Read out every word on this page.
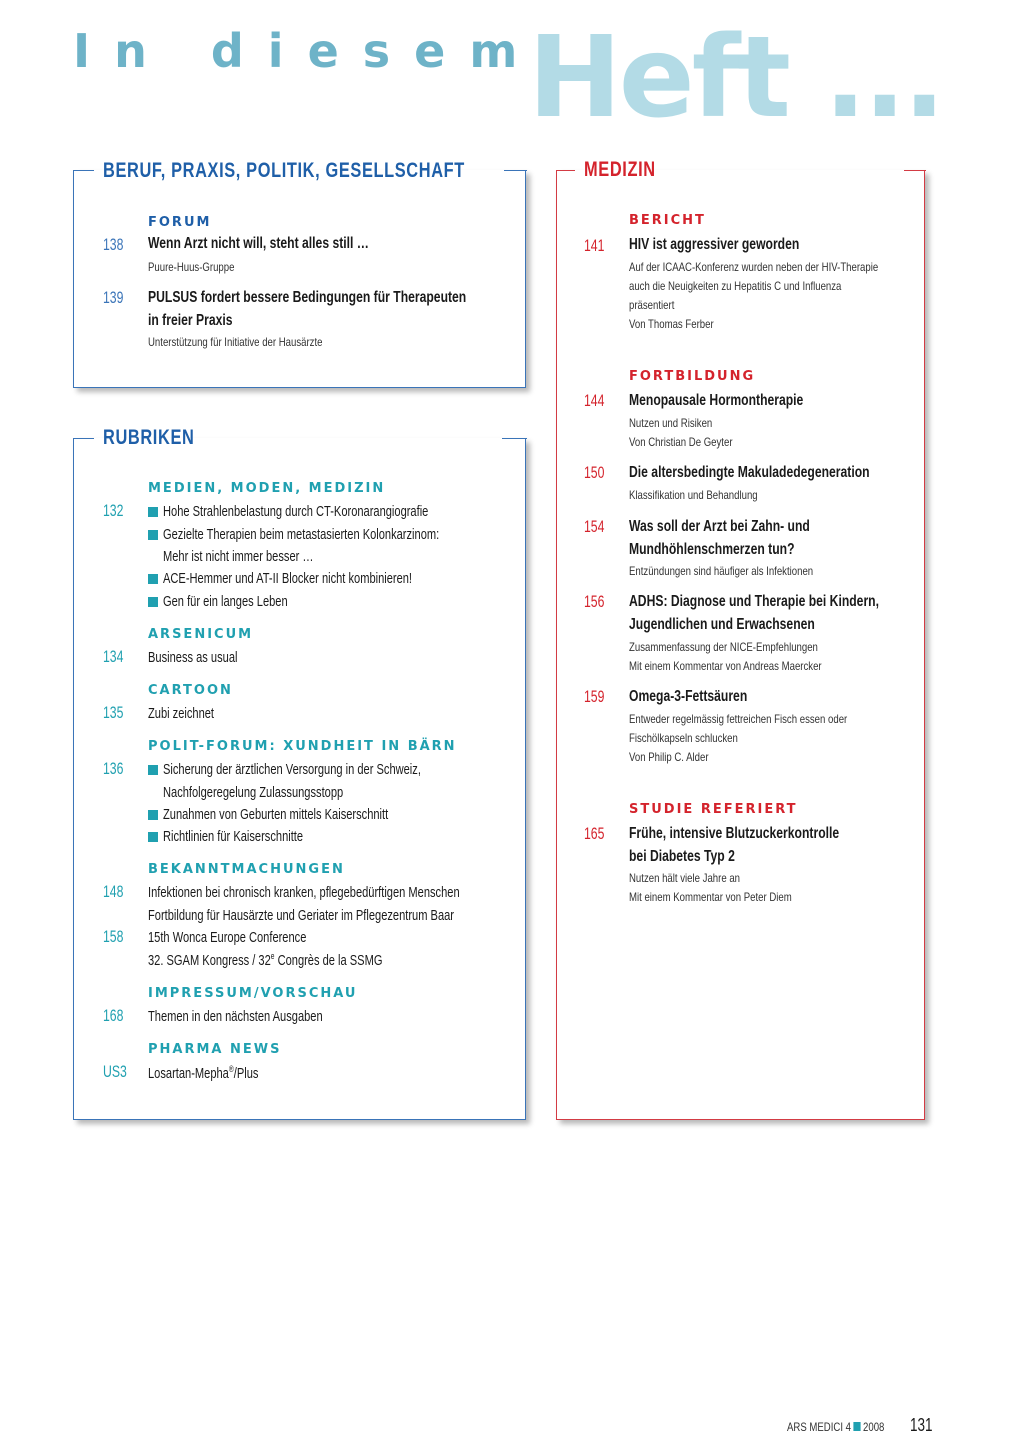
In diesem
Heft ...
BERUF, PRAXIS, POLITIK, GESELLSCHAFT
FORUM
138 Wenn Arzt nicht will, steht alles still …
Puure-Huus-Gruppe
139 PULSUS fordert bessere Bedingungen für Therapeuten
in freier Praxis
Unterstützung für Initiative der Hausärzte
RUBRIKEN
MEDIEN, MODEN, MEDIZIN
132	Hohe Strahlenbelastung durch CT-Koronarangiografie
Gezielte Therapien beim metastasierten Kolonkarzinom:
Mehr ist nicht immer besser …
ACE-Hemmer und AT-II Blocker nicht kombinieren!
Gen für ein langes Leben
ARSENICUM
134 Business as usual
CARTOON
135 Zubi zeichnet
POLIT-FORUM: XUNDHEIT IN BÄRN
136	Sicherung der ärztlichen Versorgung in der Schweiz,
Nachfolgeregelung Zulassungsstopp
Zunahmen von Geburten mittels Kaiserschnitt
Richtlinien für Kaiserschnitte
BEKANNTMACHUNGEN
148 Infektionen bei chronisch kranken, pflegebedürftigen Menschen
Fortbildung für Hausärzte und Geriater im Pflegezentrum Baar
158 15th Wonca Europe Conference
32. SGAM Kongress / 32e Congrès de la SSMG
IMPRESSUM/VORSCHAU
168 Themen in den nächsten Ausgaben
PHARMA NEWS
US3 Losartan-Mepha®/Plus
MEDIZIN
BERICHT
141 HIV ist aggressiver geworden
Auf der ICAAC-Konferenz wurden neben der HIV-Therapie
auch die Neuigkeiten zu Hepatitis C und Influenza
präsentiert
Von Thomas Ferber
FORTBILDUNG
144 Menopausale Hormontherapie
Nutzen und Risiken
Von Christian De Geyter
150 Die altersbedingte Makuladedegeneration
Klassifikation und Behandlung
154 Was soll der Arzt bei Zahn- und
Mundhöhlenschmerzen tun?
Entzündungen sind häufiger als Infektionen
156 ADHS: Diagnose und Therapie bei Kindern,
Jugendlichen und Erwachsenen
Zusammenfassung der NICE-Empfehlungen
Mit einem Kommentar von Andreas Maercker
159 Omega-3-Fettsäuren
Entweder regelmässig fettreichen Fisch essen oder
Fischölkapseln schlucken
Von Philip C. Alder
STUDIE REFERIERT
165 Frühe, intensive Blutzuckerkontrolle
bei Diabetes Typ 2
Nutzen hält viele Jahre an
Mit einem Kommentar von Peter Diem
ARS MEDICI 4 2008 131
